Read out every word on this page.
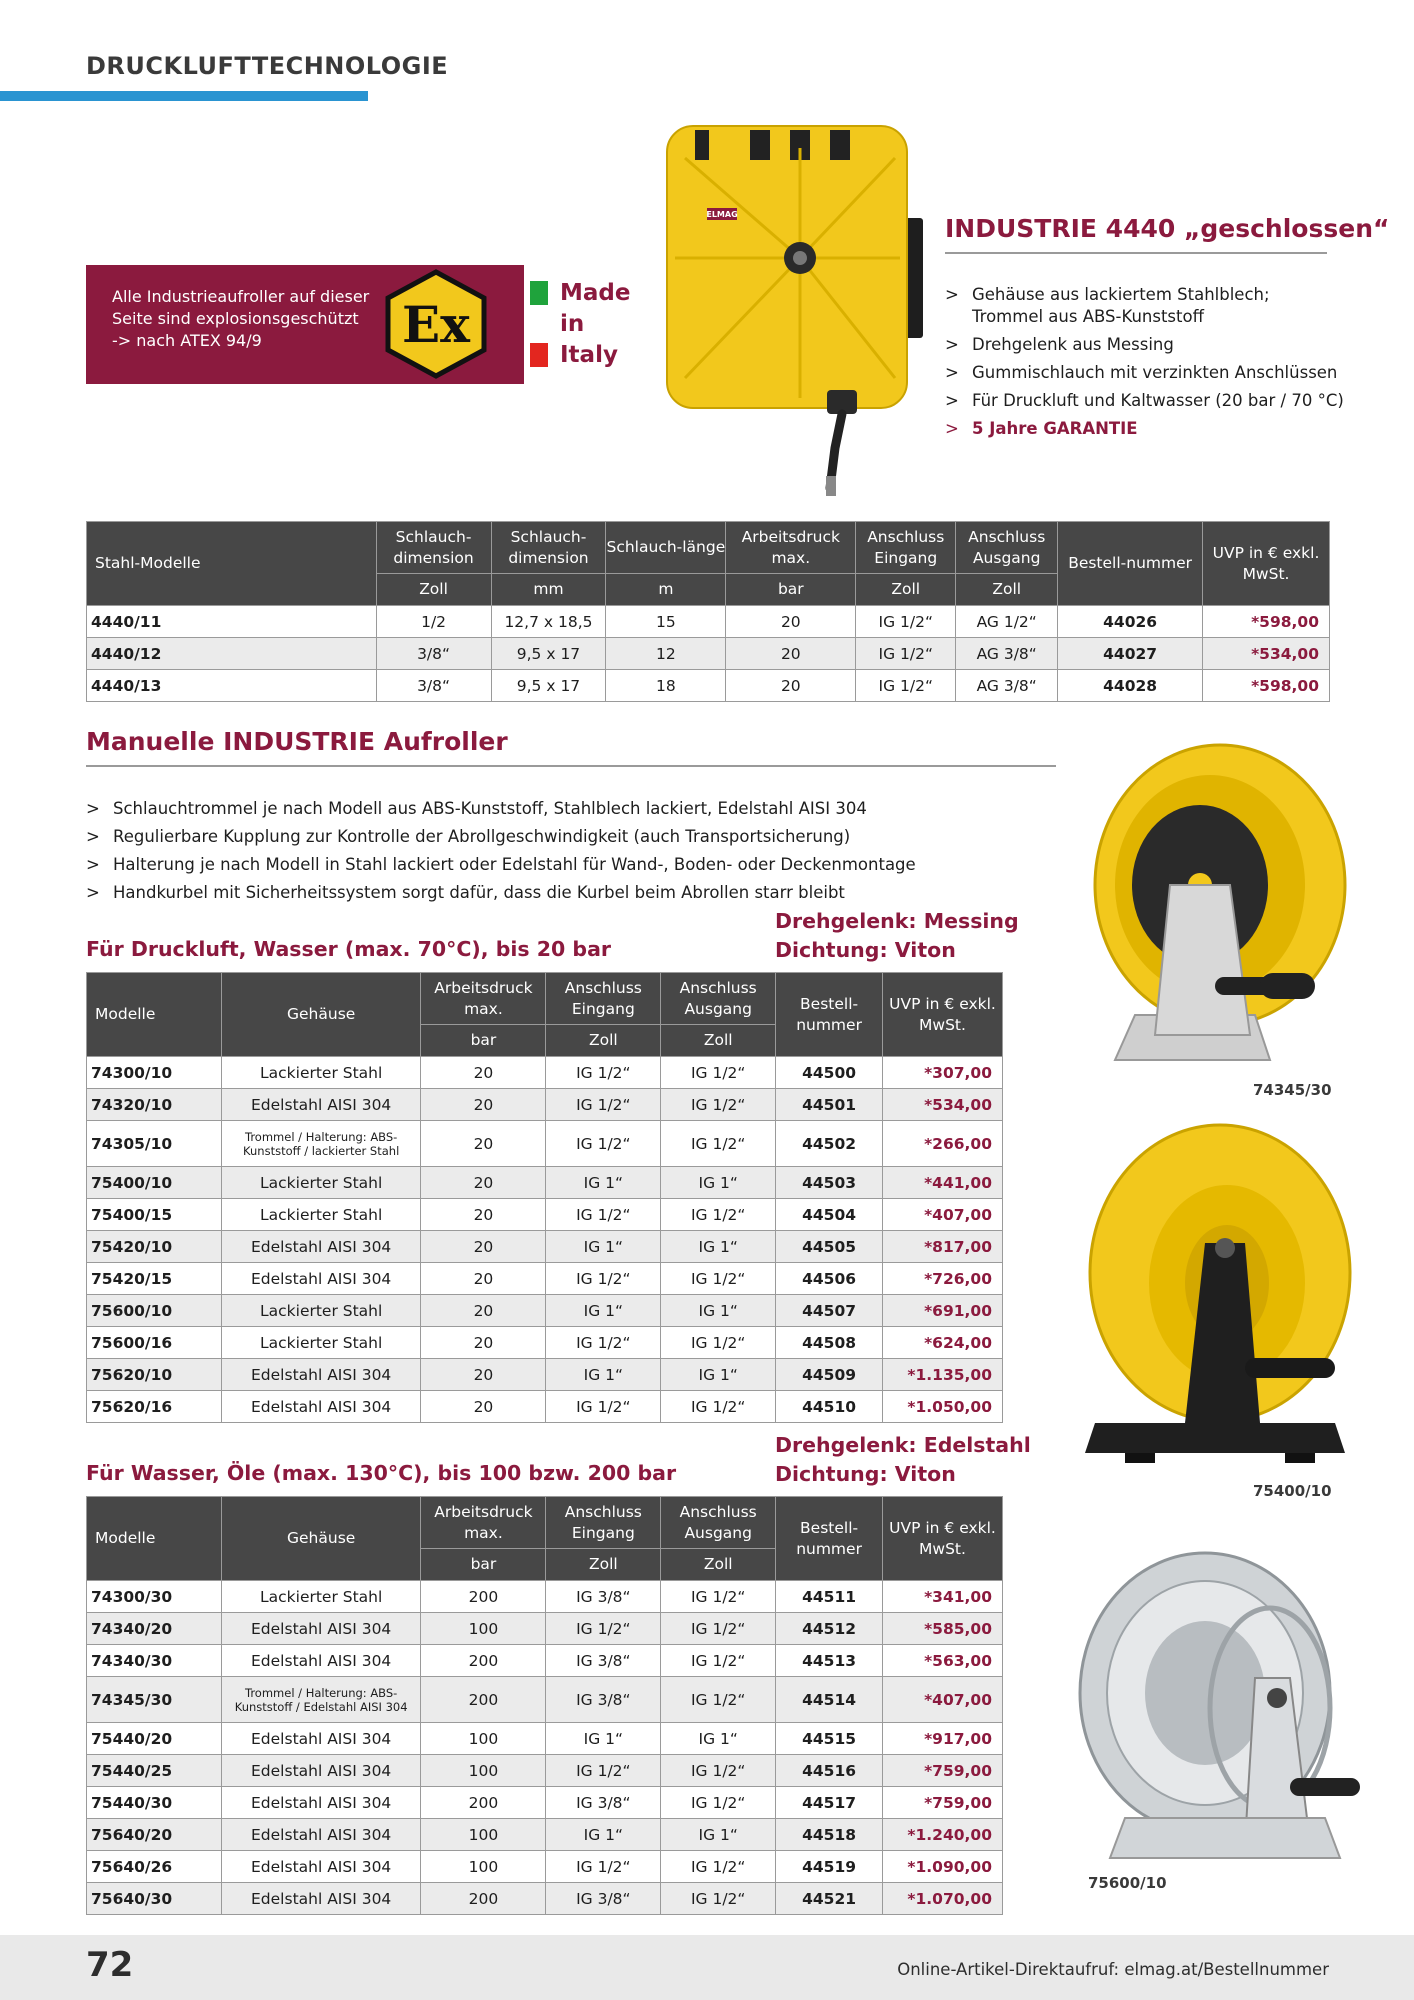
DRUCKLUFTTECHNOLOGIE
Alle Industrieaufroller auf dieser
Seite sind explosionsgeschützt
-> nach ATEX 94/9	Ex
Made
in
Italy
ELMAG	INDUSTRIE 4440 „geschlossen“
> Gehäuse aus lackiertem Stahlblech; Trommel aus ABS-Kunststoff
> Drehgelenk aus Messing
> Gummischlauch mit verzinkten Anschlüssen
> Für Druckluft und Kaltwasser (20 bar / 70 °C)
> 5 Jahre GARANTIE
Stahl-Modelle	Schlauch-dimension	Schlauch-dimension	Schlauch-länge	Arbeitsdruck max.	Anschluss Eingang	Anschluss Ausgang	Bestell-nummer	UVP in € exkl. MwSt.
	Zoll	mm	m	bar	Zoll	Zoll		
4440/11	1/2	12,7 x 18,5	15	20	IG 1/2“	AG 1/2“	44026	*598,00
4440/12	3/8“	9,5 x 17	12	20	IG 1/2“	AG 3/8“	44027	*534,00
4440/13	3/8“	9,5 x 17	18	20	IG 1/2“	AG 3/8“	44028	*598,00
Manuelle INDUSTRIE Aufroller
> Schlauchtrommel je nach Modell aus ABS-Kunststoff, Stahlblech lackiert, Edelstahl AISI 304
> Regulierbare Kupplung zur Kontrolle der Abrollgeschwindigkeit (auch Transportsicherung)
> Halterung je nach Modell in Stahl lackiert oder Edelstahl für Wand-, Boden- oder Deckenmontage
> Handkurbel mit Sicherheitssystem sorgt dafür, dass die Kurbel beim Abrollen starr bleibt
Für Druckluft, Wasser (max. 70°C), bis 20 bar
Drehgelenk: Messing
Dichtung: Viton
Modelle	Gehäuse	Arbeitsdruck max.	Anschluss Eingang	Anschluss Ausgang	Bestell-nummer	UVP in € exkl. MwSt.
		bar	Zoll	Zoll		
74300/10	Lackierter Stahl	20	IG 1/2“	IG 1/2“	44500	*307,00
74320/10	Edelstahl AISI 304	20	IG 1/2“	IG 1/2“	44501	*534,00
74305/10	Trommel / Halterung: ABS-Kunststoff / lackierter Stahl	20	IG 1/2“	IG 1/2“	44502	*266,00
75400/10	Lackierter Stahl	20	IG 1“	IG 1“	44503	*441,00
75400/15	Lackierter Stahl	20	IG 1/2“	IG 1/2“	44504	*407,00
75420/10	Edelstahl AISI 304	20	IG 1“	IG 1“	44505	*817,00
75420/15	Edelstahl AISI 304	20	IG 1/2“	IG 1/2“	44506	*726,00
75600/10	Lackierter Stahl	20	IG 1“	IG 1“	44507	*691,00
75600/16	Lackierter Stahl	20	IG 1/2“	IG 1/2“	44508	*624,00
75620/10	Edelstahl AISI 304	20	IG 1“	IG 1“	44509	*1.135,00
75620/16	Edelstahl AISI 304	20	IG 1/2“	IG 1/2“	44510	*1.050,00
Für Wasser, Öle (max. 130°C), bis 100 bzw. 200 bar
Drehgelenk: Edelstahl
Dichtung: Viton
Modelle	Gehäuse	Arbeitsdruck max.	Anschluss Eingang	Anschluss Ausgang	Bestell-nummer	UVP in € exkl. MwSt.
		bar	Zoll	Zoll		
74300/30	Lackierter Stahl	200	IG 3/8“	IG 1/2“	44511	*341,00
74340/20	Edelstahl AISI 304	100	IG 1/2“	IG 1/2“	44512	*585,00
74340/30	Edelstahl AISI 304	200	IG 3/8“	IG 1/2“	44513	*563,00
74345/30	Trommel / Halterung: ABS-Kunststoff / Edelstahl AISI 304	200	IG 3/8“	IG 1/2“	44514	*407,00
75440/20	Edelstahl AISI 304	100	IG 1“	IG 1“	44515	*917,00
75440/25	Edelstahl AISI 304	100	IG 1/2“	IG 1/2“	44516	*759,00
75440/30	Edelstahl AISI 304	200	IG 3/8“	IG 1/2“	44517	*759,00
75640/20	Edelstahl AISI 304	100	IG 1“	IG 1“	44518	*1.240,00
75640/26	Edelstahl AISI 304	100	IG 1/2“	IG 1/2“	44519	*1.090,00
75640/30	Edelstahl AISI 304	200	IG 3/8“	IG 1/2“	44521	*1.070,00
74345/30
75400/10
75600/10
72	Online-Artikel-Direktaufruf: elmag.at/Bestellnummer
